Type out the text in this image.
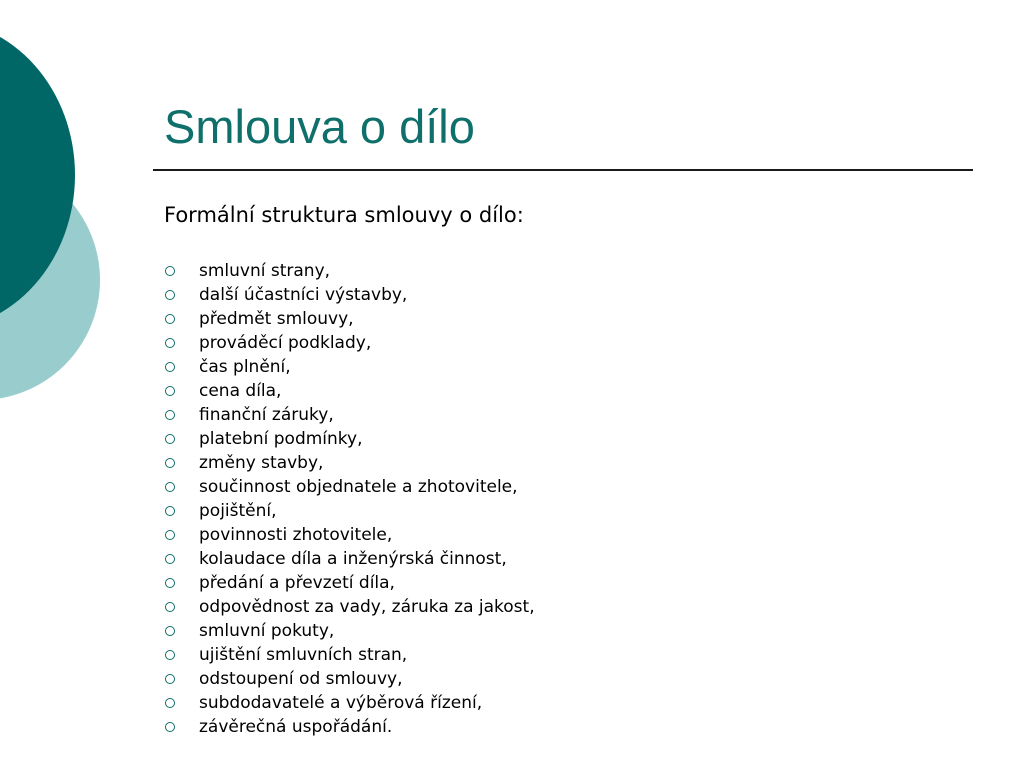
Smlouva o dílo

Formální struktura smlouvy o dílo:

smluvní strany,
další účastníci výstavby,
předmět smlouvy,
prováděcí podklady,
čas plnění,
cena díla,
finanční záruky,
platební podmínky,
změny stavby,
součinnost objednatele a zhotovitele,
pojištění,
povinnosti zhotovitele,
kolaudace díla a inženýrská činnost,
předání a převzetí díla,
odpovědnost za vady, záruka za jakost,
smluvní pokuty,
ujištění smluvních stran,
odstoupení od smlouvy,
subdodavatelé a výběrová řízení,
závěrečná uspořádání.
